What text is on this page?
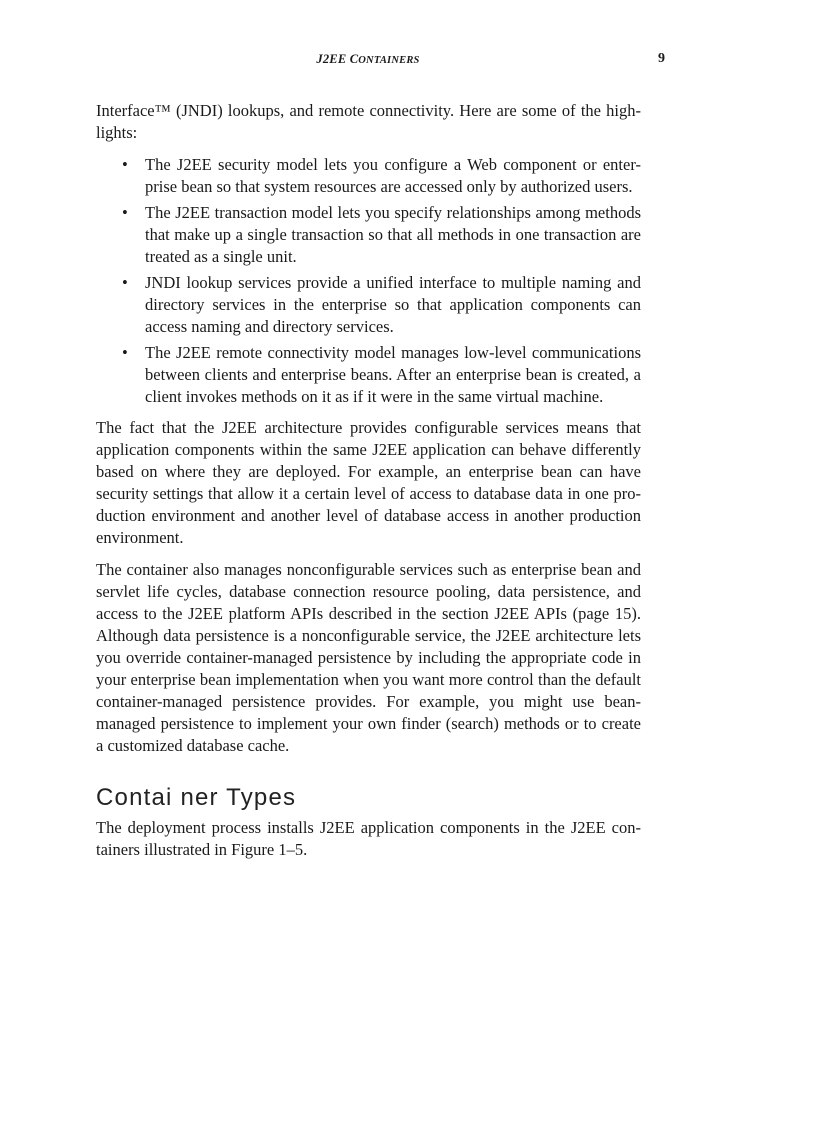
J2EE CONTAINERS	9

Interface™ (JNDI) lookups, and remote connectivity. Here are some of the high-lights:

• The J2EE security model lets you configure a Web component or enter-prise bean so that system resources are accessed only by authorized users.
• The J2EE transaction model lets you specify relationships among methods that make up a single transaction so that all methods in one transaction are treated as a single unit.
• JNDI lookup services provide a unified interface to multiple naming and directory services in the enterprise so that application components can access naming and directory services.
• The J2EE remote connectivity model manages low-level communications between clients and enterprise beans. After an enterprise bean is created, a client invokes methods on it as if it were in the same virtual machine.

The fact that the J2EE architecture provides configurable services means that application components within the same J2EE application can behave differently based on where they are deployed. For example, an enterprise bean can have security settings that allow it a certain level of access to database data in one pro-duction environment and another level of database access in another production environment.

The container also manages nonconfigurable services such as enterprise bean and servlet life cycles, database connection resource pooling, data persistence, and access to the J2EE platform APIs described in the section J2EE APIs (page 15). Although data persistence is a nonconfigurable service, the J2EE architecture lets you override container-managed persistence by including the appropriate code in your enterprise bean implementation when you want more control than the default container-managed persistence provides. For example, you might use bean-managed persistence to implement your own finder (search) methods or to create a customized database cache.

Contai ner Types

The deployment process installs J2EE application components in the J2EE con-tainers illustrated in Figure 1–5.
